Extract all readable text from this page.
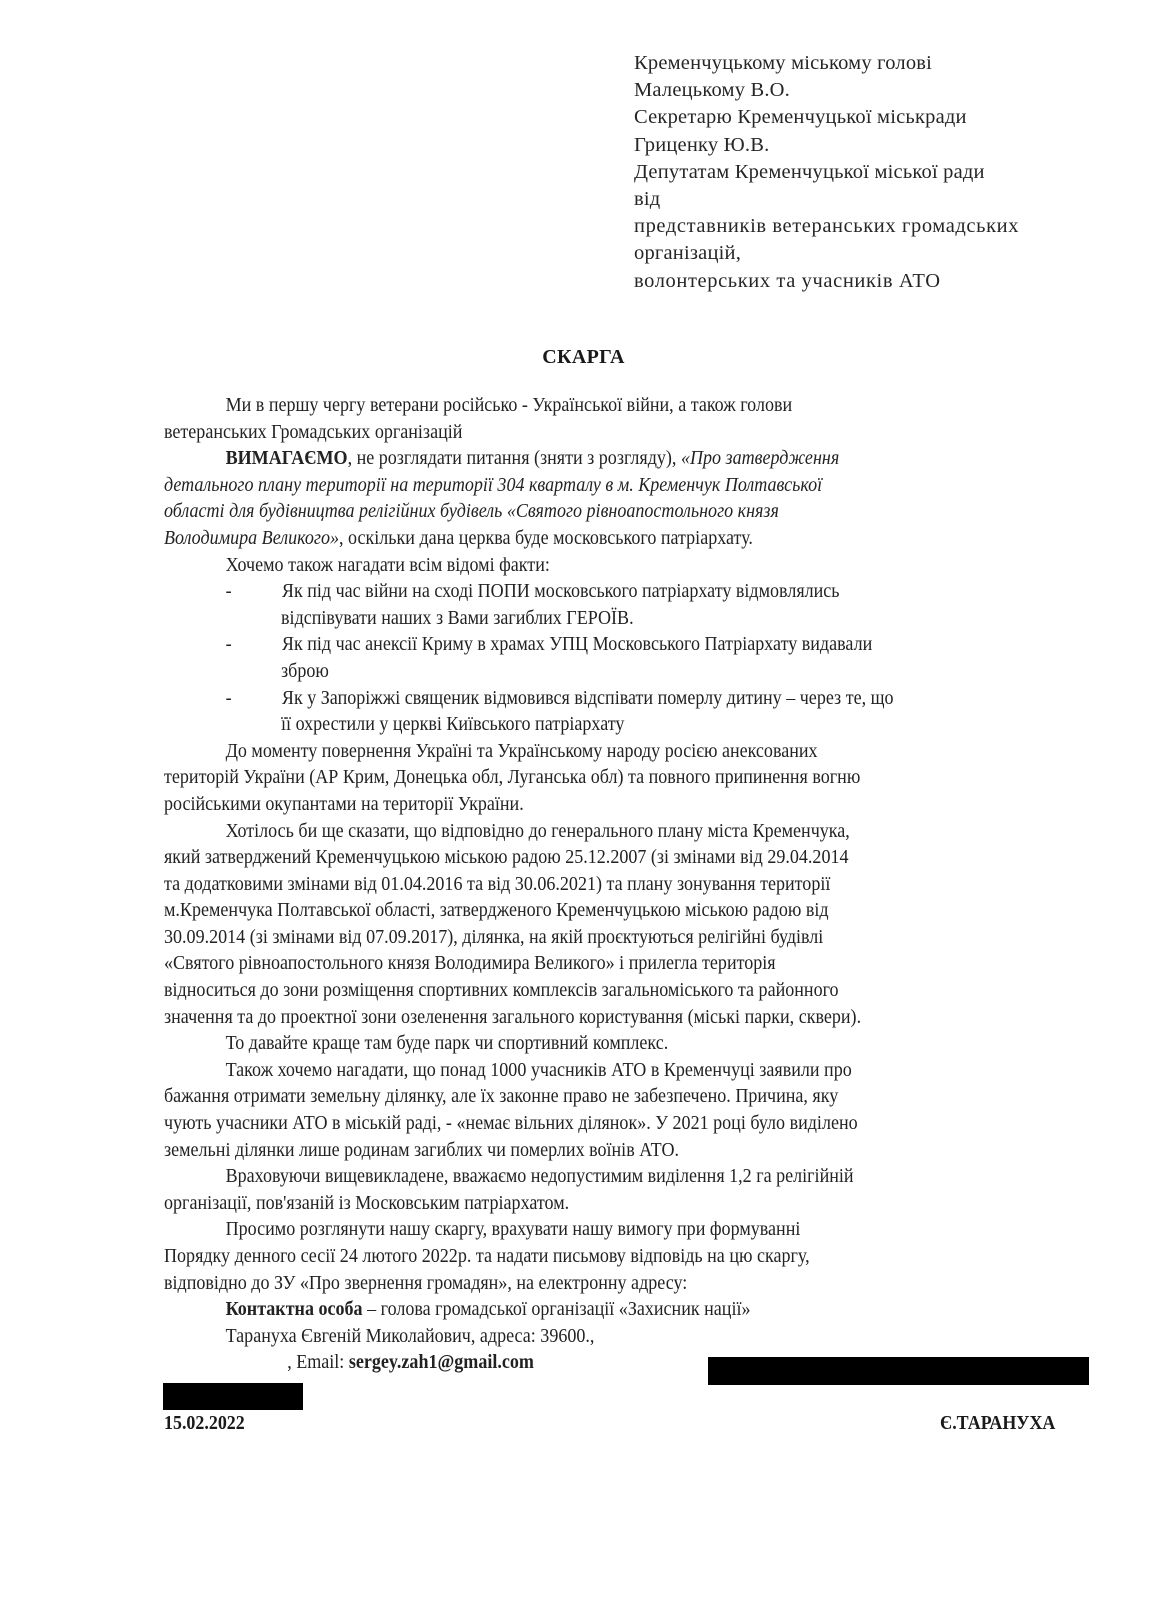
Кременчуцькому міському голові
Малецькому В.О.
Секретарю Кременчуцької міськради
Гриценку Ю.В.
Депутатам Кременчуцької міської ради
від
представників ветеранських громадських
організацій,
волонтерських та учасників АТО
СКАРГА
Ми в першу чергу ветерани російсько - Української війни, а також голови
ветеранських Громадських організацій
ВИМАГАЄМО, не розглядати питання (зняти з розгляду), «Про затвердження
детального плану території на території 304 кварталу в м. Кременчук Полтавської
області для будівництва релігійних будівель «Святого рівноапостольного князя
Володимира Великого», оскільки дана церква буде московського патріархату.
Хочемо також нагадати всім відомі факти:
- Як під час війни на сході ПОПИ московського патріархату відмовлялись
відспівувати наших з Вами загиблих ГЕРОЇВ.
- Як під час анексії Криму в храмах УПЦ Московського Патріархату видавали
зброю
- Як у Запоріжжі священик відмовився відспівати померлу дитину – через те, що
її охрестили у церкві Київського патріархату
До моменту повернення Україні та Українському народу росією анексованих
територій України (АР Крим, Донецька обл, Луганська обл) та повного припинення вогню
російськими окупантами на території України.
Хотілось би ще сказати, що відповідно до генерального плану міста Кременчука,
який затверджений Кременчуцькою міською радою 25.12.2007 (зі змінами від 29.04.2014
та додатковими змінами від 01.04.2016 та від 30.06.2021) та плану зонування території
м.Кременчука Полтавської області, затвердженого Кременчуцькою міською радою від
30.09.2014 (зі змінами від 07.09.2017), ділянка, на якій проєктуються релігійні будівлі
«Святого рівноапостольного князя Володимира Великого» і прилегла територія
відноситься до зони розміщення спортивних комплексів загальноміського та районного
значення та до проектної зони озеленення загального користування (міські парки, сквери).
То давайте краще там буде парк чи спортивний комплекс.
Також хочемо нагадати, що понад 1000 учасників АТО в Кременчуці заявили про
бажання отримати земельну ділянку, але їх законне право не забезпечено. Причина, яку
чують учасники АТО в міській раді, - «немає вільних ділянок». У 2021 році було виділено
земельні ділянки лише родинам загиблих чи померлих воїнів АТО.
Враховуючи вищевикладене, вважаємо недопустимим виділення 1,2 га релігійній
організації, пов'язаній із Московським патріархатом.
Просимо розглянути нашу скаргу, врахувати нашу вимогу при формуванні
Порядку денного сесії 24 лютого 2022р. та надати письмову відповідь на цю скаргу,
відповідно до ЗУ «Про звернення громадян», на електронну адресу:
Контактна особа – голова громадської організації «Захисник нації»
Тарануха Євгеній Миколайович, адреса: 39600.,
, Email: sergey.zah1@gmail.com
15.02.2022	Є.ТАРАНУХА
